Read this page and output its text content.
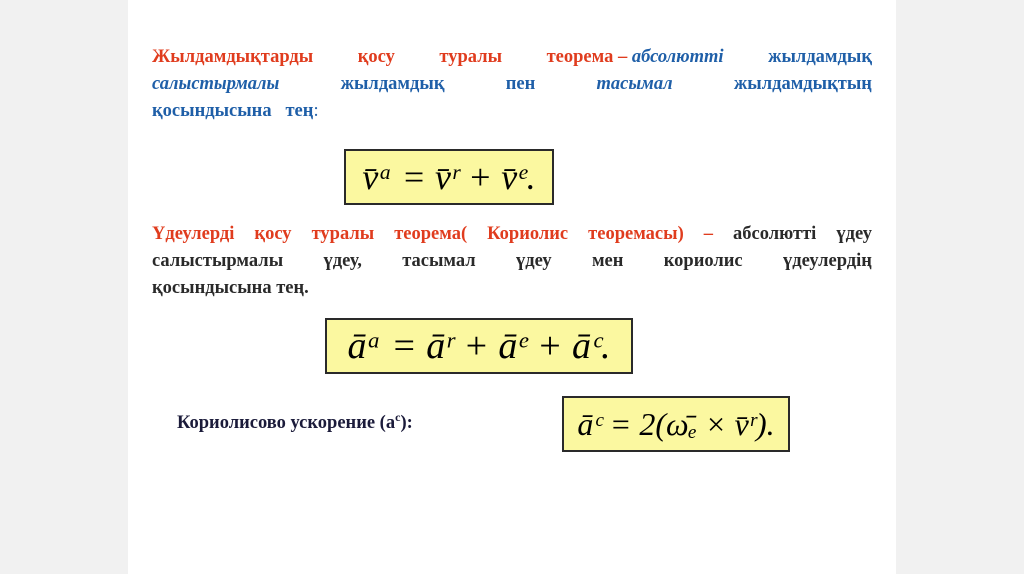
Жылдамдықтарды қосу туралы теорема – абсолютті жылдамдық
салыстырмалы	жылдамдық	пен	тасымал	жылдамдықтың
қосындысына тең:
v̄ᵃ = v̄ʳ + v̄ᵉ.
Үдеулерді қосу туралы теорема( Кориолис теоремасы) – абсолютті үдеу
салыстырмалы үдеу, тасымал үдеу мен кориолис үдеулердің
қосындысына тең.
āᵃ = āʳ + āᵉ + āᶜ.
Кориолисово ускорение $(a^c)$:	āᶜ = 2(ω̄ₑ × v̄ʳ).
